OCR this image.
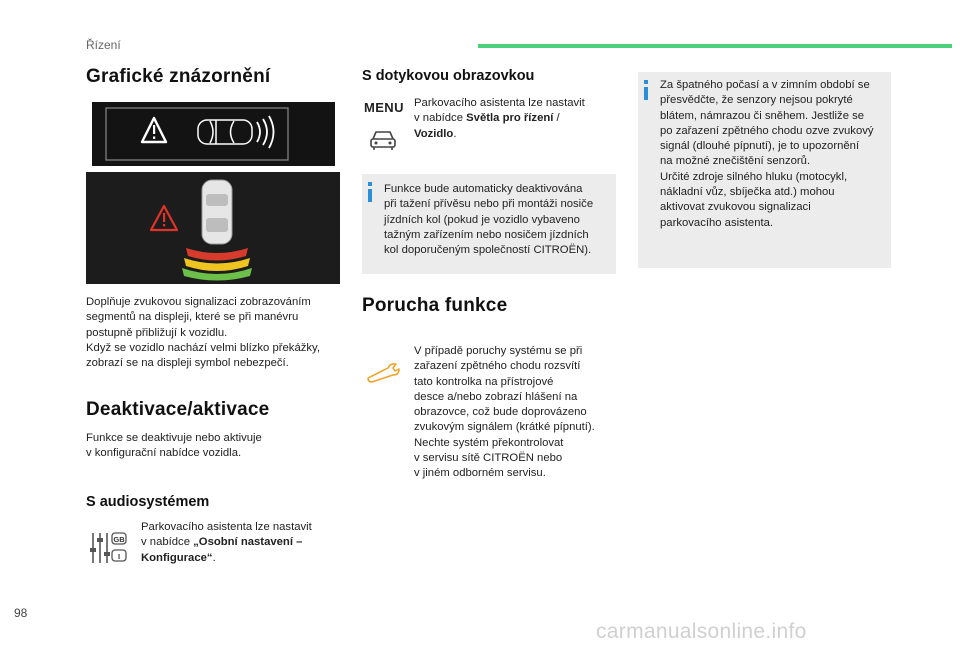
Řízení
Grafické znázornění
Doplňuje zvukovou signalizaci zobrazováním
segmentů na displeji, které se při manévru
postupně přibližují k vozidlu.
Když se vozidlo nachází velmi blízko překážky,
zobrazí se na displeji symbol nebezpečí.
Deaktivace/aktivace
Funkce se deaktivuje nebo aktivuje
v konfigurační nabídce vozidla.
S audiosystémem
GB
I
Parkovacího asistenta lze nastavit
v nabídce „Osobní nastavení –
Konfigurace“.
S dotykovou obrazovkou
MENU Parkovacího asistenta lze nastavit
v nabídce Světla pro řízení /
Vozidlo.
Funkce bude automaticky deaktivována
při tažení přívěsu nebo při montáži nosiče
jízdních kol (pokud je vozidlo vybaveno
tažným zařízením nebo nosičem jízdních
kol doporučeným společností CITROËN).
Porucha funkce
V případě poruchy systému se při
zařazení zpětného chodu rozsvítí
tato kontrolka na přístrojové
desce a/nebo zobrazí hlášení na
obrazovce, což bude doprovázeno
zvukovým signálem (krátké pípnutí).
Nechte systém překontrolovat
v servisu sítě CITROËN nebo
v jiném odborném servisu.
Za špatného počasí a v zimním období se
přesvědčte, že senzory nejsou pokryté
blátem, námrazou či sněhem. Jestliže se
po zařazení zpětného chodu ozve zvukový
signál (dlouhé pípnutí), je to upozornění
na možné znečištění senzorů.
Určité zdroje silného hluku (motocykl,
nákladní vůz, sbíječka atd.) mohou
aktivovat zvukovou signalizaci
parkovacího asistenta.
98
carmanualsonline.info
